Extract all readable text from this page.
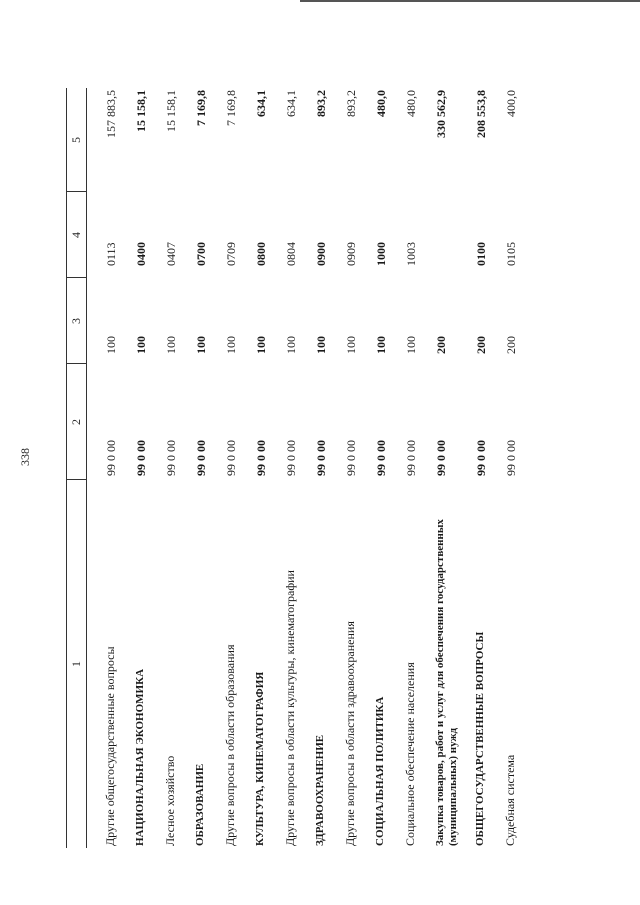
338
1
2
3
4
5
Другие общегосударственные вопросы
99 0 00
100
0113
157 883,5
НАЦИОНАЛЬНАЯ ЭКОНОМИКА
99 0 00
100
0400
15 158,1
Лесное хозяйство
99 0 00
100
0407
15 158,1
ОБРАЗОВАНИЕ
99 0 00
100
0700
7 169,8
Другие вопросы в области образования
99 0 00
100
0709
7 169,8
КУЛЬТУРА, КИНЕМАТОГРАФИЯ
99 0 00
100
0800
634,1
Другие вопросы в области культуры, кинематографии
99 0 00
100
0804
634,1
ЗДРАВООХРАНЕНИЕ
99 0 00
100
0900
893,2
Другие вопросы в области здравоохранения
99 0 00
100
0909
893,2
СОЦИАЛЬНАЯ ПОЛИТИКА
99 0 00
100
1000
480,0
Социальное обеспечение населения
99 0 00
100
1003
480,0
Закупка товаров, работ и услуг для обеспечения государственных (муниципальных) нужд
99 0 00
200
330 562,9
ОБЩЕГОСУДАРСТВЕННЫЕ ВОПРОСЫ
99 0 00
200
0100
208 553,8
Судебная система
99 0 00
200
0105
400,0
